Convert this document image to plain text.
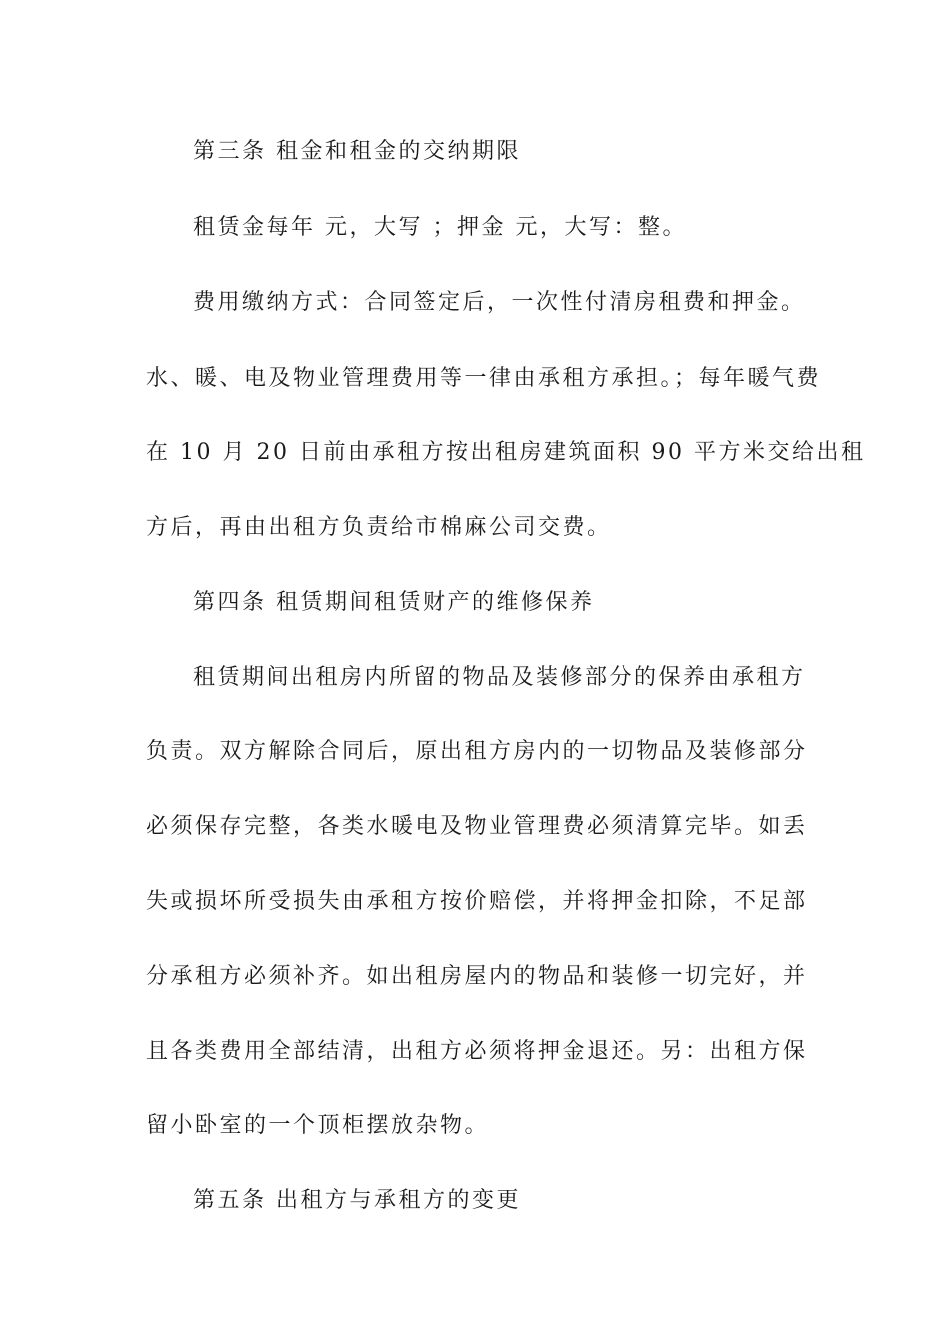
第三条 租金和租金的交纳期限
租赁金每年 元，大写 ；押金 元，大写：整。
费用缴纳方式：合同签定后，一次性付清房租费和押金。
水、暖、电及物业管理费用等一律由承租方承担。；每年暖气费
在 10 月 20 日前由承租方按出租房建筑面积 90 平方米交给出租
方后，再由出租方负责给市棉麻公司交费。
第四条 租赁期间租赁财产的维修保养
租赁期间出租房内所留的物品及装修部分的保养由承租方
负责。双方解除合同后，原出租方房内的一切物品及装修部分
必须保存完整，各类水暖电及物业管理费必须清算完毕。如丢
失或损坏所受损失由承租方按价赔偿，并将押金扣除，不足部
分承租方必须补齐。如出租房屋内的物品和装修一切完好，并
且各类费用全部结清，出租方必须将押金退还。另：出租方保
留小卧室的一个顶柜摆放杂物。
第五条 出租方与承租方的变更
